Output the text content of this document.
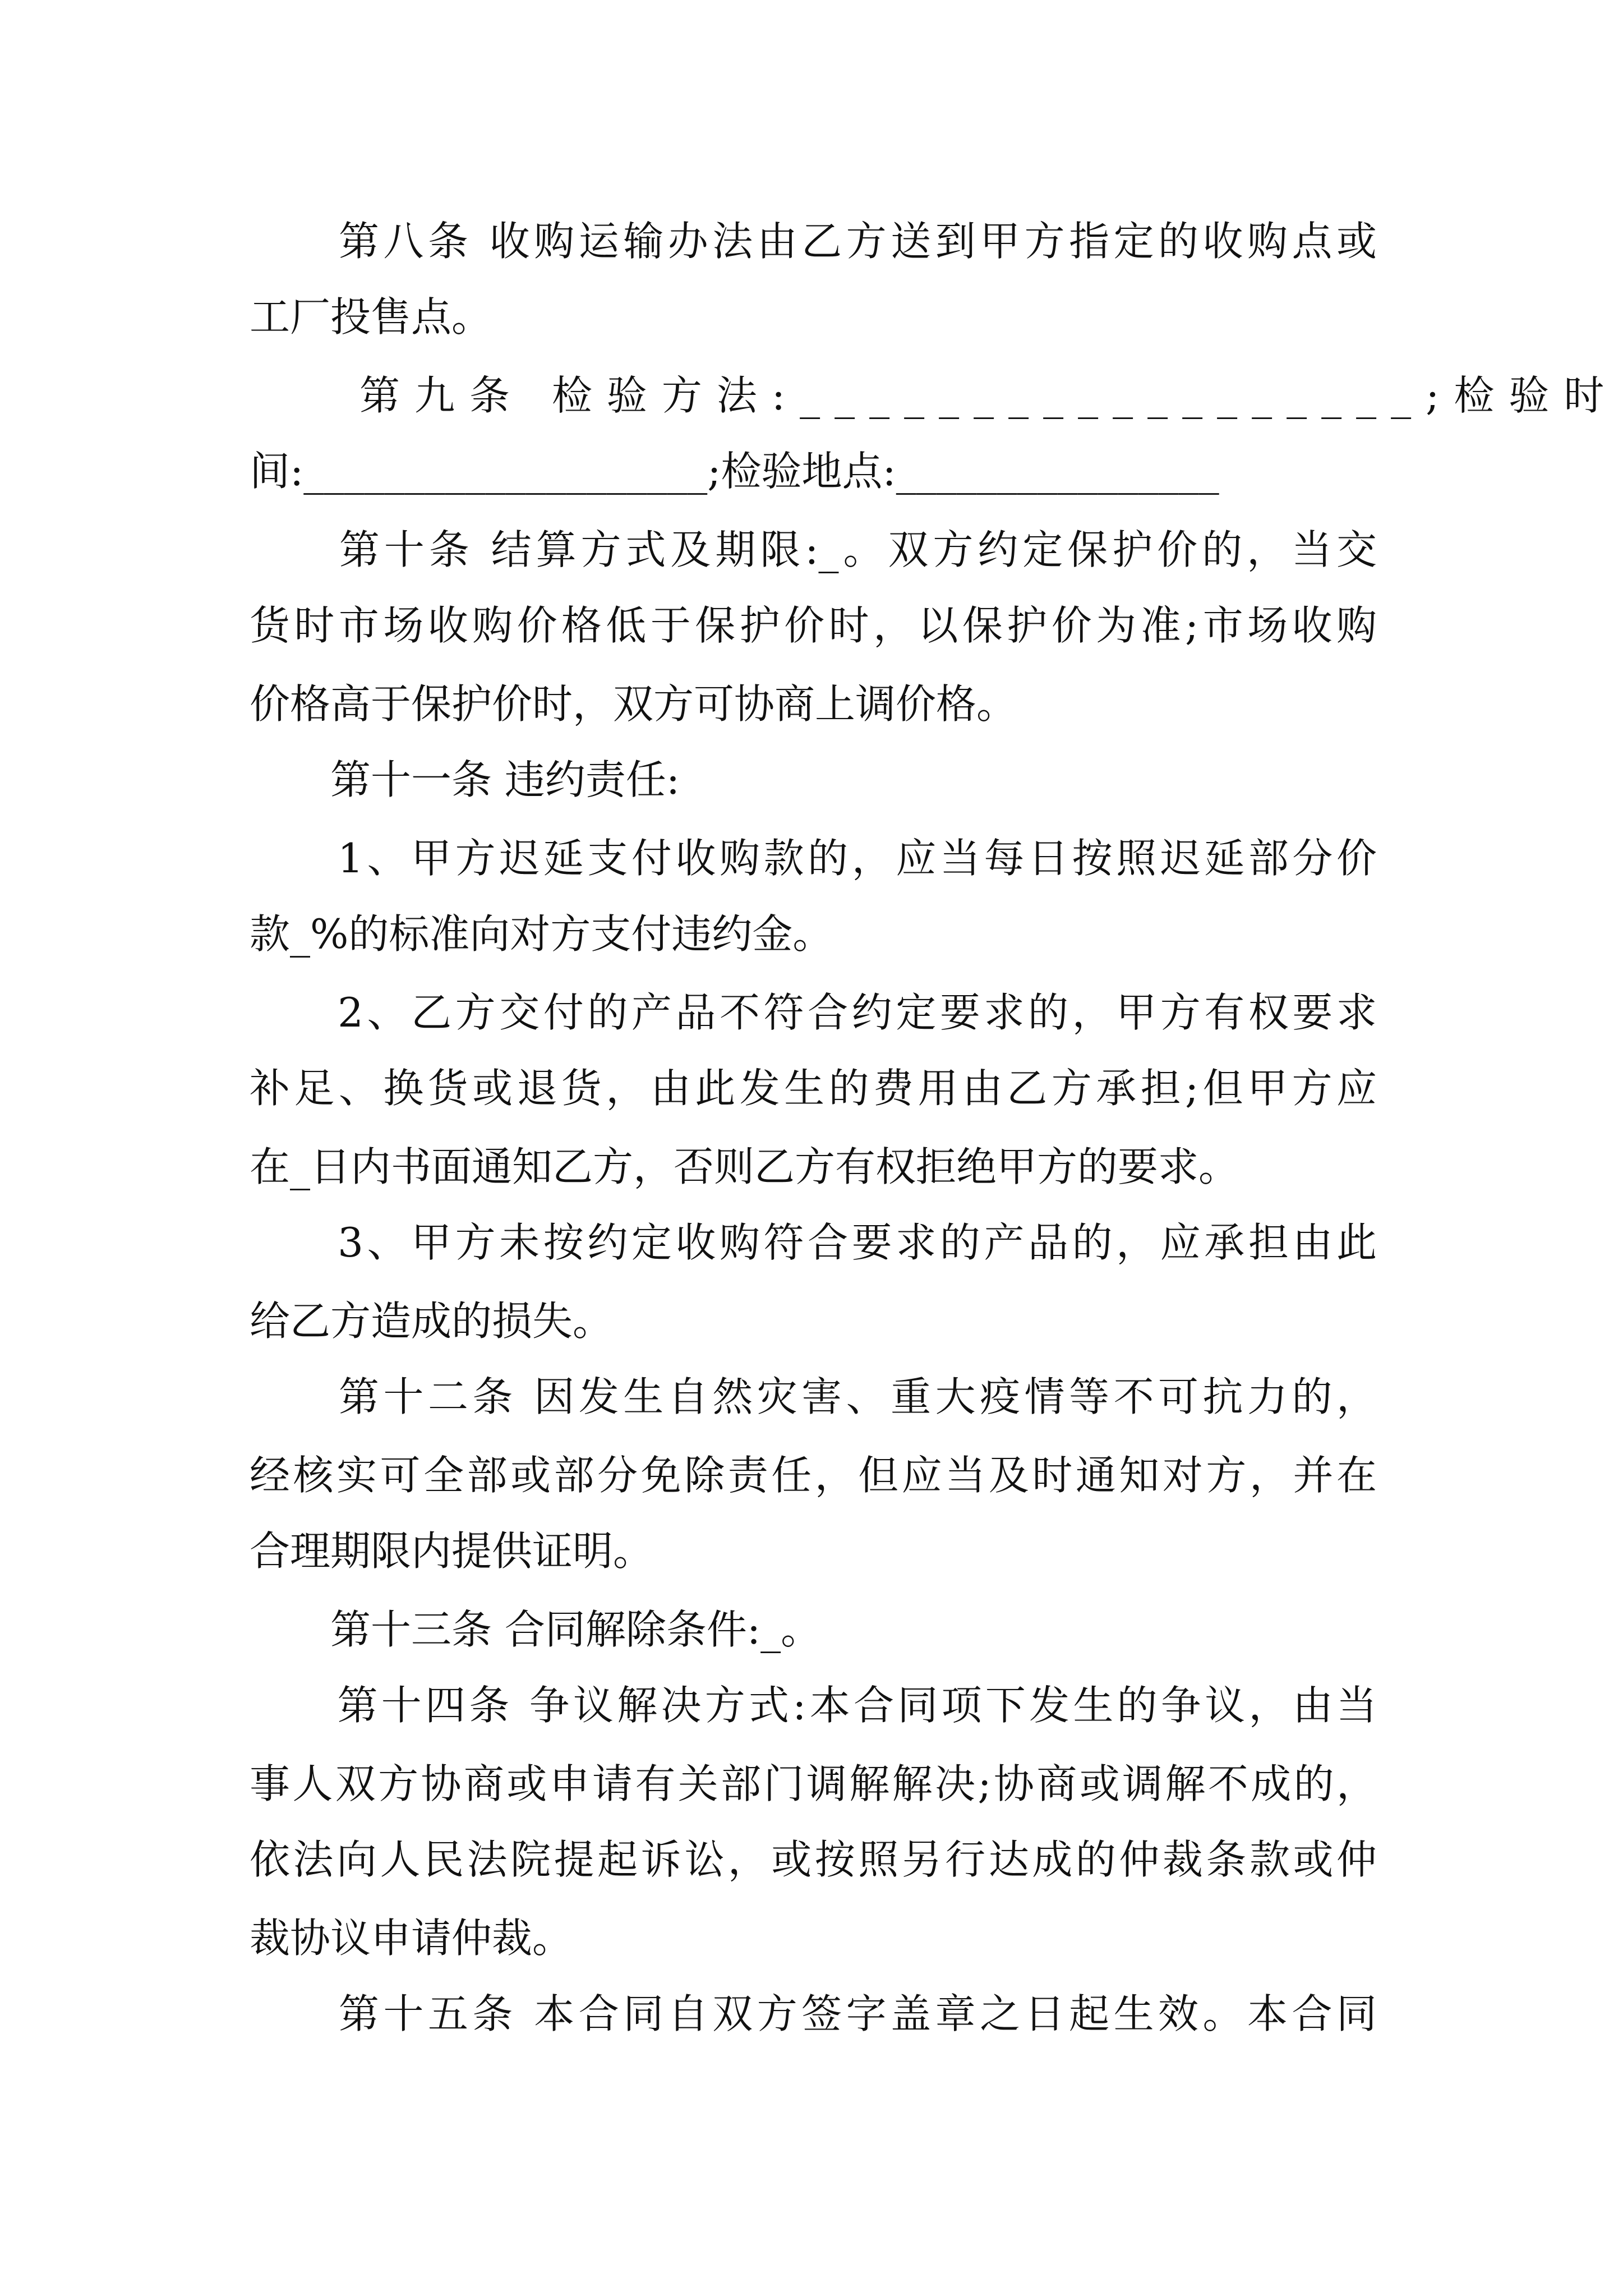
　　第八条 收购运输办法由乙方送到甲方指定的收购点或
工厂投售点。
　　第九条 检验方法:__________________;检验时
间:____________________;检验地点:________________
　　第十条 结算方式及期限:_。双方约定保护价的，当交
货时市场收购价格低于保护价时，以保护价为准;市场收购
价格高于保护价时，双方可协商上调价格。
　　第十一条 违约责任:
　　1、甲方迟延支付收购款的，应当每日按照迟延部分价
款_%的标准向对方支付违约金。
　　2、乙方交付的产品不符合约定要求的，甲方有权要求
补足、换货或退货，由此发生的费用由乙方承担;但甲方应
在_日内书面通知乙方，否则乙方有权拒绝甲方的要求。
　　3、甲方未按约定收购符合要求的产品的，应承担由此
给乙方造成的损失。
　　第十二条 因发生自然灾害、重大疫情等不可抗力的，
经核实可全部或部分免除责任，但应当及时通知对方，并在
合理期限内提供证明。
　　第十三条 合同解除条件:_。
　　第十四条 争议解决方式:本合同项下发生的争议，由当
事人双方协商或申请有关部门调解解决;协商或调解不成的，
依法向人民法院提起诉讼，或按照另行达成的仲裁条款或仲
裁协议申请仲裁。
　　第十五条 本合同自双方签字盖章之日起生效。本合同
